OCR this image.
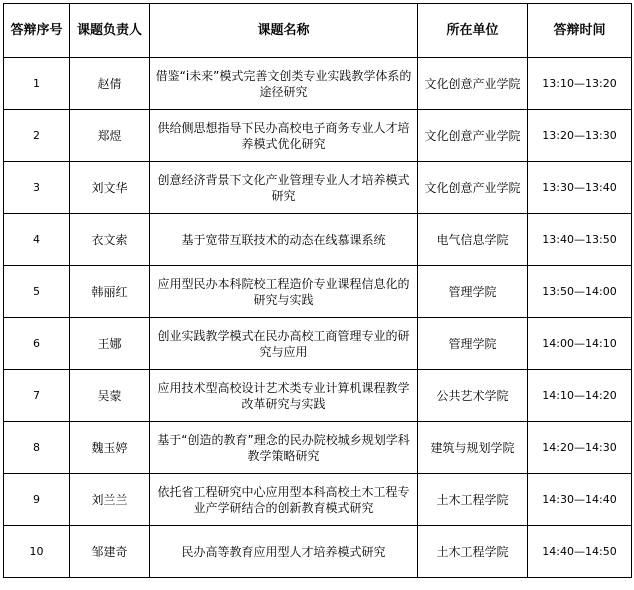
答辩序号	课题负责人	课题名称	所在单位	答辩时间
1	赵倩	借鉴“i未来”模式完善文创类专业实践教学体系的途径研究	文化创意产业学院	13:10—13:20
2	郑煜	供给侧思想指导下民办高校电子商务专业人才培养模式优化研究	文化创意产业学院	13:20—13:30
3	刘文华	创意经济背景下文化产业管理专业人才培养模式研究	文化创意产业学院	13:30—13:40
4	衣文索	基于宽带互联技术的动态在线慕课系统	电气信息学院	13:40—13:50
5	韩丽红	应用型民办本科院校工程造价专业课程信息化的研究与实践	管理学院	13:50—14:00
6	王娜	创业实践教学模式在民办高校工商管理专业的研究与应用	管理学院	14:00—14:10
7	吴蒙	应用技术型高校设计艺术类专业计算机课程教学改革研究与实践	公共艺术学院	14:10—14:20
8	魏玉婷	基于“创造的教育”理念的民办院校城乡规划学科教学策略研究	建筑与规划学院	14:20—14:30
9	刘兰兰	依托省工程研究中心应用型本科高校土木工程专业产学研结合的创新教育模式研究	土木工程学院	14:30—14:40
10	邹建奇	民办高等教育应用型人才培养模式研究	土木工程学院	14:40—14:50
